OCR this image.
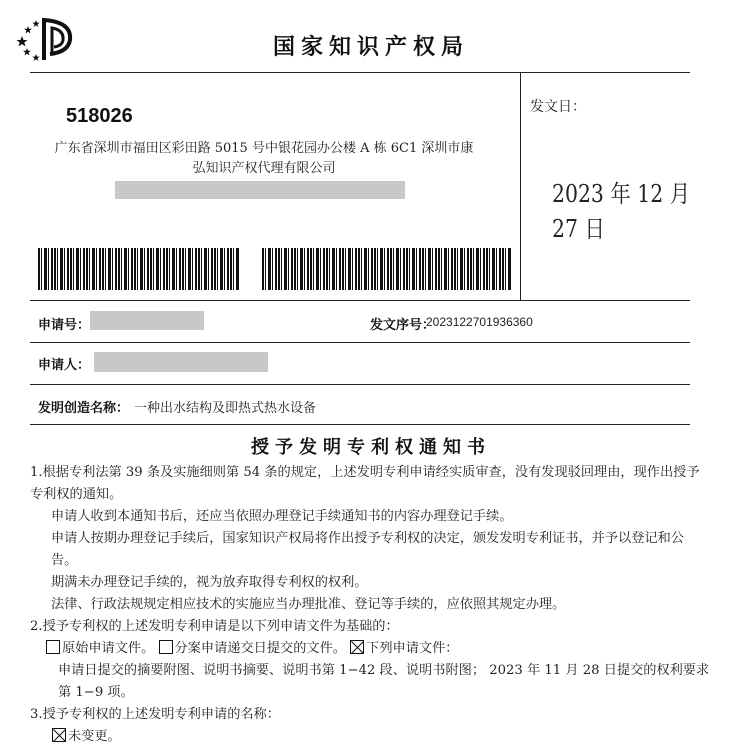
国家知识产权局
518026
广东省深圳市福田区彩田路 5015 号中银花园办公楼 A 栋 6C1 深圳市康
弘知识产权代理有限公司
发文日：
2023 年 12 月 27 日
申请号：	发文序号：
2023122701936360
申请人：
发明创造名称： 一种出水结构及即热式热水设备
授予发明专利权通知书

1.根据专利法第 39 条及实施细则第 54 条的规定，上述发明专利申请经实质审查，没有发现驳回理由，现作出授予专利权的通知。

申请人收到本通知书后，还应当依照办理登记手续通知书的内容办理登记手续。

申请人按期办理登记手续后，国家知识产权局将作出授予专利权的决定，颁发发明专利证书，并予以登记和公告。

期满未办理登记手续的，视为放弃取得专利权的权利。

法律、行政法规规定相应技术的实施应当办理批准、登记等手续的，应依照其规定办理。

2.授予专利权的上述发明专利申请是以下列申请文件为基础的：

原始申请文件。 分案申请递交日提交的文件。 下列申请文件：

申请日提交的摘要附图、说明书摘要、说明书第 1−42 段、说明书附图； 2023 年 11 月 28 日提交的权利要求第 1−9 项。

3.授予专利权的上述发明专利申请的名称：

未变更。
